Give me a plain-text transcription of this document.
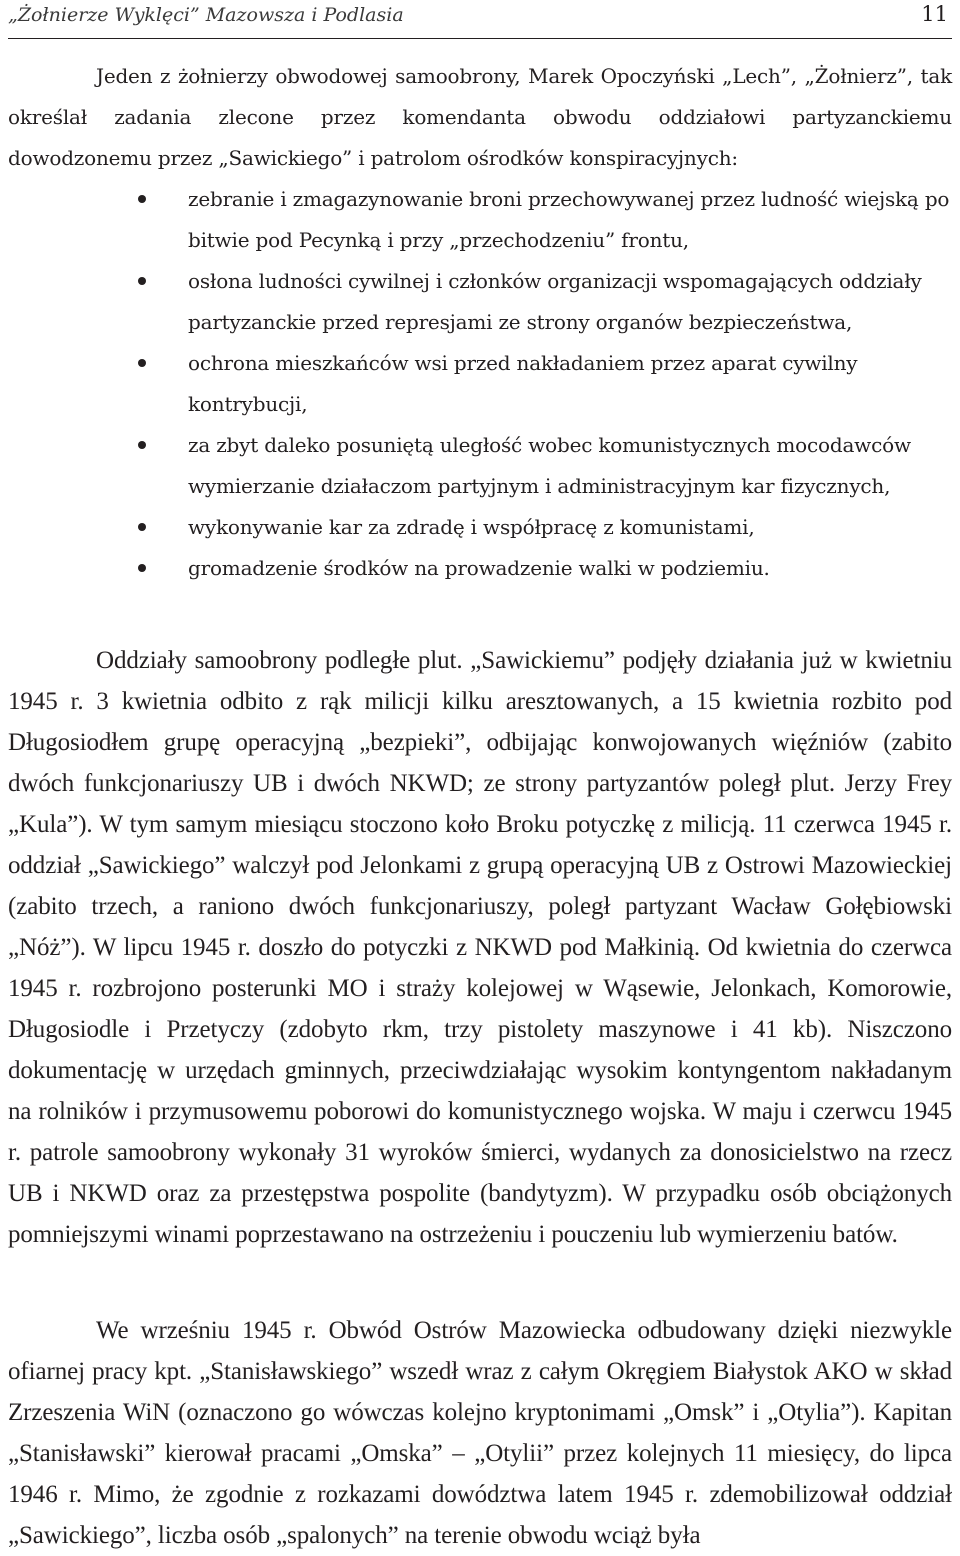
„Żołnierze Wyklęci” Mazowsza i Podlasia	11

Jeden z żołnierzy obwodowej samoobrony, Marek Opoczyński „Lech”, „Żołnierz”, tak określał zadania zlecone przez komendanta obwodu oddziałowi partyzanckiemu dowodzonemu przez „Sawickiego” i patrolom ośrodków konspiracyjnych:

zebranie i zmagazynowanie broni przechowywanej przez ludność wiejską po bitwie pod Pecynką i przy „przechodzeniu” frontu,
osłona ludności cywilnej i członków organizacji wspomagających oddziały partyzanckie przed represjami ze strony organów bezpieczeństwa,
ochrona mieszkańców wsi przed nakładaniem przez aparat cywilny kontrybucji,
za zbyt daleko posuniętą uległość wobec komunistycznych mocodawców wymierzanie działaczom partyjnym i administracyjnym kar fizycznych,
wykonywanie kar za zdradę i współpracę z komunistami,
gromadzenie środków na prowadzenie walki w podziemiu.

Oddziały samoobrony podległe plut. „Sawickiemu” podjęły działania już w kwietniu 1945 r. 3 kwietnia odbito z rąk milicji kilku aresztowanych, a 15 kwietnia rozbito pod Długosiodłem grupę operacyjną „bezpieki”, odbijając konwojowanych więźniów (zabito dwóch funkcjonariuszy UB i dwóch NKWD; ze strony partyzantów poległ plut. Jerzy Frey „Kula”). W tym samym miesiącu stoczono koło Broku potyczkę z milicją. 11 czerwca 1945 r. oddział „Sawickiego” walczył pod Jelonkami z grupą operacyjną UB z Ostrowi Mazowieckiej (zabito trzech, a raniono dwóch funkcjonariuszy, poległ partyzant Wacław Gołębiowski „Nóż”). W lipcu 1945 r. doszło do potyczki z NKWD pod Małkinią. Od kwietnia do czerwca 1945 r. rozbrojono posterunki MO i straży kolejowej w Wąsewie, Jelonkach, Komorowie, Długosiodle i Przetyczy (zdobyto rkm, trzy pistolety maszynowe i 41 kb). Niszczono dokumentację w urzędach gminnych, przeciwdziałając wysokim kontyngentom nakładanym na rolników i przymusowemu poborowi do komunistycznego wojska. W maju i czerwcu 1945 r. patrole samoobrony wykonały 31 wyroków śmierci, wydanych za donosicielstwo na rzecz UB i NKWD oraz za przestępstwa pospolite (bandytyzm). W przypadku osób obciążonych pomniejszymi winami poprzestawano na ostrzeżeniu i pouczeniu lub wymierzeniu batów.

We wrześniu 1945 r. Obwód Ostrów Mazowiecka odbudowany dzięki niezwykle ofiarnej pracy kpt. „Stanisławskiego” wszedł wraz z całym Okręgiem Białystok AKO w skład Zrzeszenia WiN (oznaczono go wówczas kolejno kryptonimami „Omsk” i „Otylia”). Kapitan „Stanisławski” kierował pracami „Omska” – „Otylii” przez kolejnych 11 miesięcy, do lipca 1946 r. Mimo, że zgodnie z rozkazami dowództwa latem 1945 r. zdemobilizował oddział „Sawickiego”, liczba osób „spalonych” na terenie obwodu wciąż była
